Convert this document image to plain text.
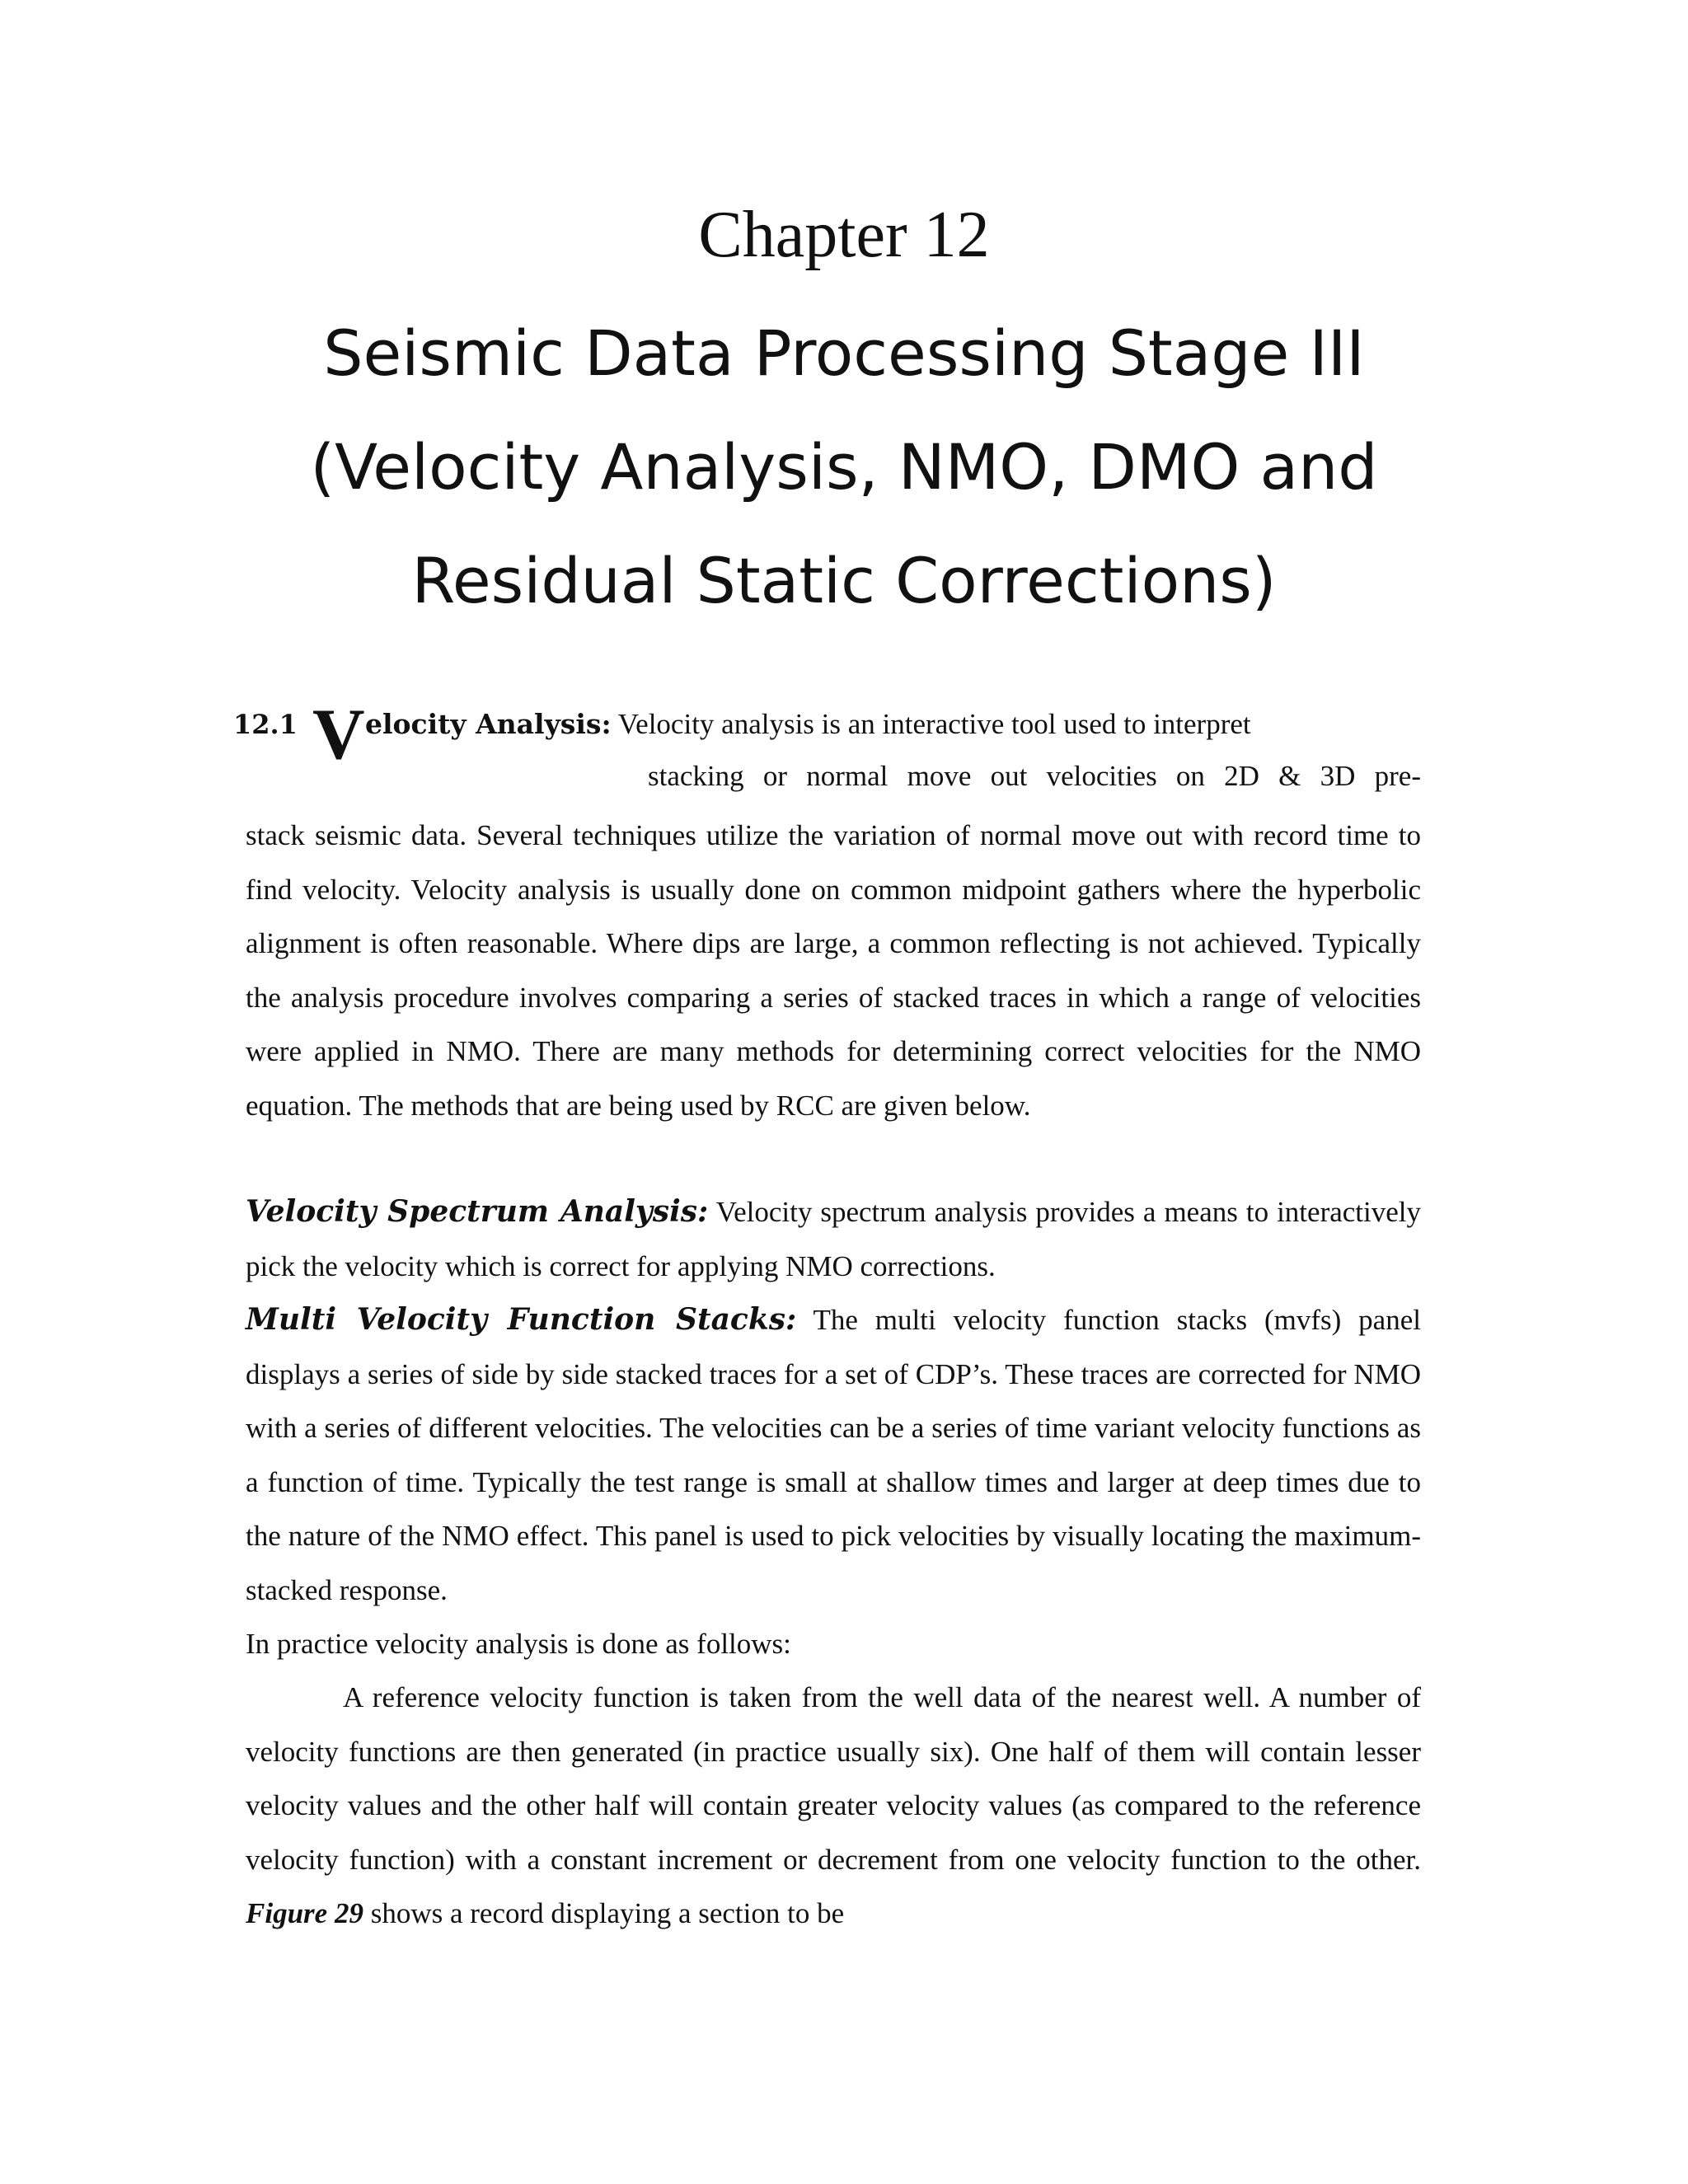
Chapter 12
Seismic Data Processing Stage III
(Velocity Analysis, NMO, DMO and
Residual Static Corrections)
12.1 V elocity Analysis: Velocity analysis is an interactive tool used to interpret
stacking or normal move out velocities on 2D & 3D pre-

stack seismic data. Several techniques utilize the variation of normal move out with record time to find velocity. Velocity analysis is usually done on common midpoint gathers where the hyperbolic alignment is often reasonable. Where dips are large, a common reflecting is not achieved. Typically the analysis procedure involves comparing a series of stacked traces in which a range of velocities were applied in NMO. There are many methods for determining correct velocities for the NMO equation. The methods that are being used by RCC are given below.

Velocity Spectrum Analysis: Velocity spectrum analysis provides a means to interactively pick the velocity which is correct for applying NMO corrections.

Multi Velocity Function Stacks: The multi velocity function stacks (mvfs) panel displays a series of side by side stacked traces for a set of CDP’s. These traces are corrected for NMO with a series of different velocities. The velocities can be a series of time variant velocity functions as a function of time. Typically the test range is small at shallow times and larger at deep times due to the nature of the NMO effect. This panel is used to pick velocities by visually locating the maximum-stacked response.

In practice velocity analysis is done as follows:

A reference velocity function is taken from the well data of the nearest well. A number of velocity functions are then generated (in practice usually six). One half of them will contain lesser velocity values and the other half will contain greater velocity values (as compared to the reference velocity function) with a constant increment or decrement from one velocity function to the other. Figure 29 shows a record displaying a section to be
